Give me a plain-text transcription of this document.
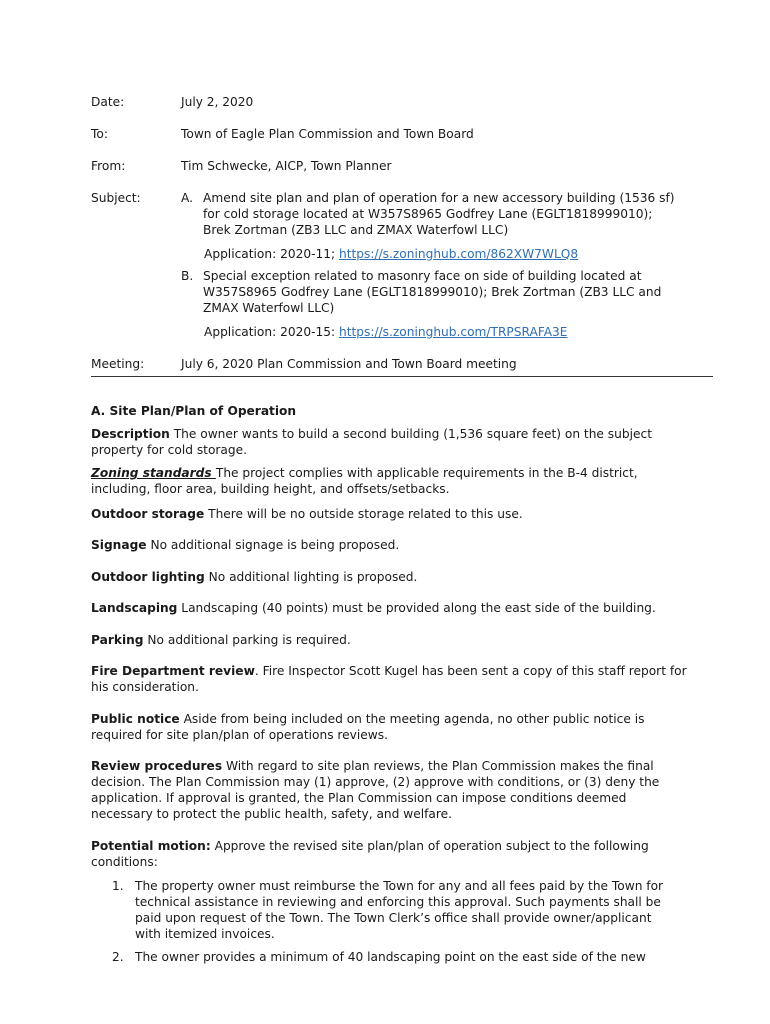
Date:	July 2, 2020
To:	Town of Eagle Plan Commission and Town Board
From:	Tim Schwecke, AICP, Town Planner
Subject:	A. Amend site plan and plan of operation for a new accessory building (1536 sf) for cold storage located at W357S8965 Godfrey Lane (EGLT1818999010); Brek Zortman (ZB3 LLC and ZMAX Waterfowl LLC)
Application: 2020-11; https://s.zoninghub.com/862XW7WLQ8
B. Special exception related to masonry face on side of building located at W357S8965 Godfrey Lane (EGLT1818999010); Brek Zortman (ZB3 LLC and ZMAX Waterfowl LLC)
Application: 2020-15: https://s.zoninghub.com/TRPSRAFA3E
Meeting:	July 6, 2020 Plan Commission and Town Board meeting
A. Site Plan/Plan of Operation
Description The owner wants to build a second building (1,536 square feet) on the subject property for cold storage.
Zoning standards The project complies with applicable requirements in the B-4 district, including, floor area, building height, and offsets/setbacks.
Outdoor storage There will be no outside storage related to this use.
Signage No additional signage is being proposed.
Outdoor lighting No additional lighting is proposed.
Landscaping Landscaping (40 points) must be provided along the east side of the building.
Parking No additional parking is required.
Fire Department review. Fire Inspector Scott Kugel has been sent a copy of this staff report for his consideration.
Public notice Aside from being included on the meeting agenda, no other public notice is required for site plan/plan of operations reviews.
Review procedures With regard to site plan reviews, the Plan Commission makes the final decision. The Plan Commission may (1) approve, (2) approve with conditions, or (3) deny the application. If approval is granted, the Plan Commission can impose conditions deemed necessary to protect the public health, safety, and welfare.
Potential motion: Approve the revised site plan/plan of operation subject to the following conditions:
1. The property owner must reimburse the Town for any and all fees paid by the Town for technical assistance in reviewing and enforcing this approval. Such payments shall be paid upon request of the Town. The Town Clerk’s office shall provide owner/applicant with itemized invoices.
2. The owner provides a minimum of 40 landscaping point on the east side of the new
